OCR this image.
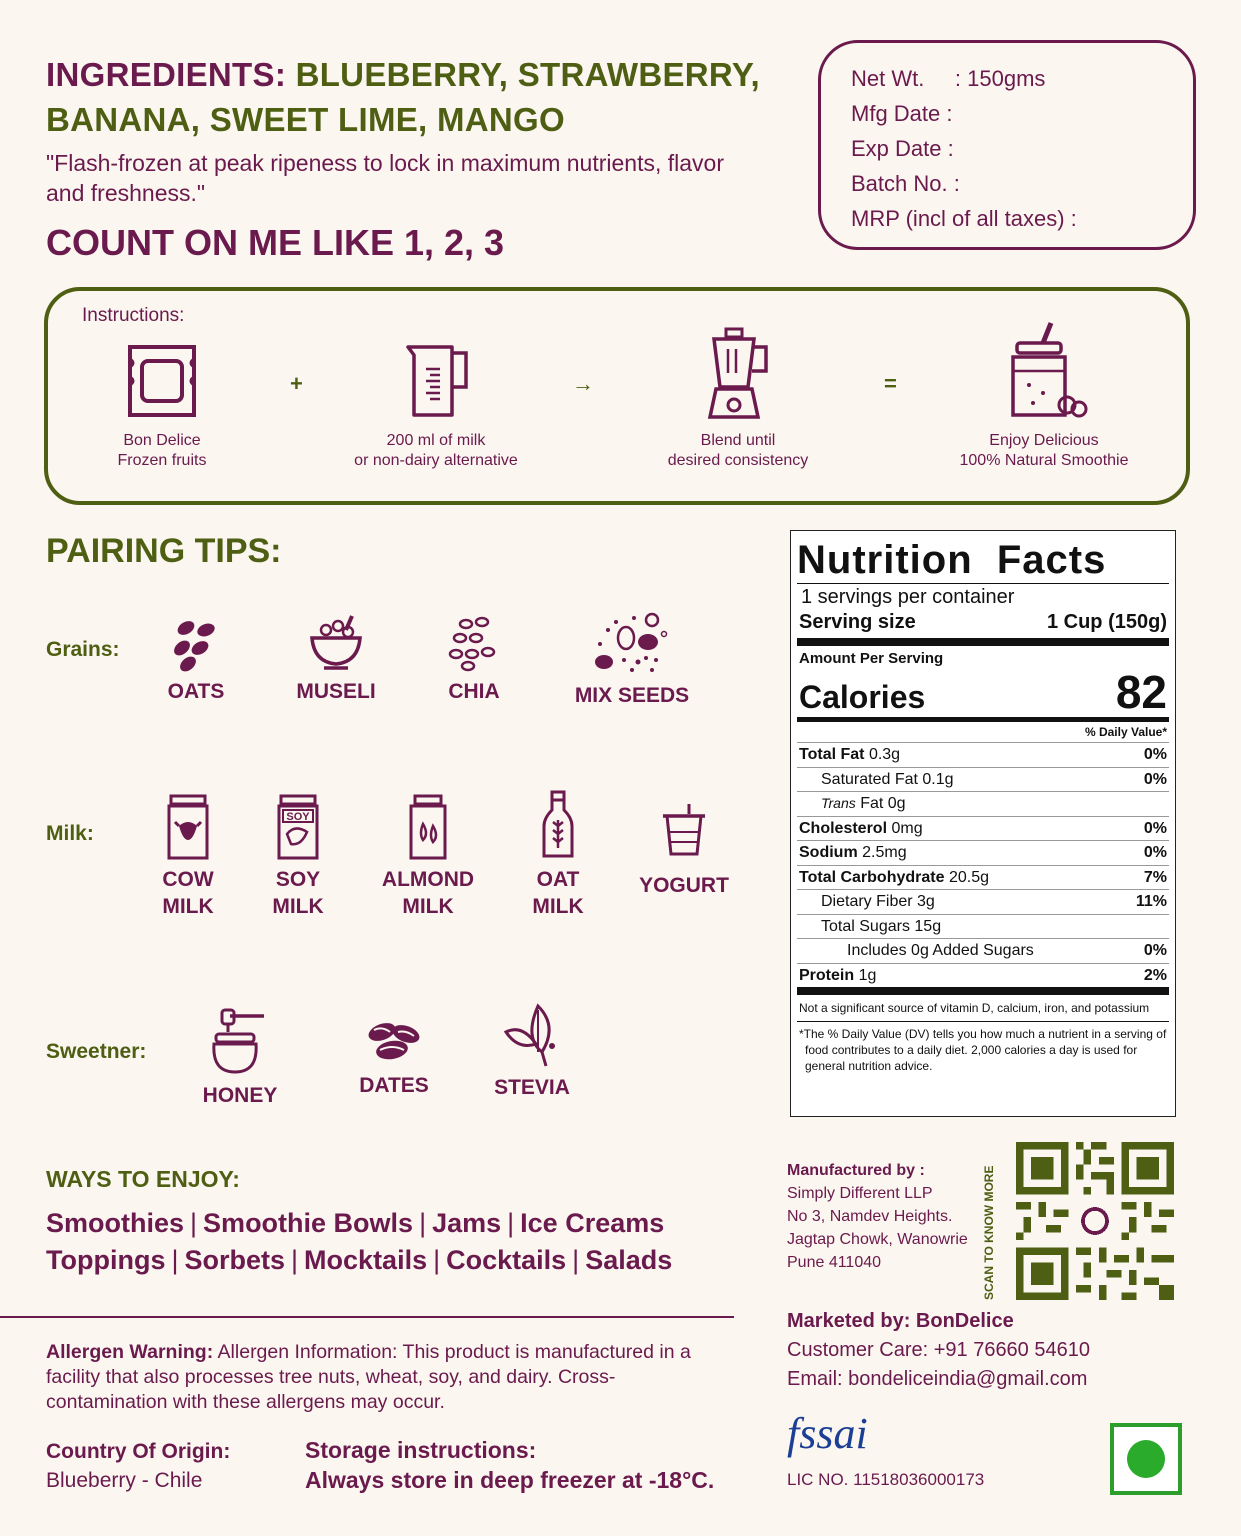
INGREDIENTS: BLUEBERRY, STRAWBERRY, BANANA, SWEET LIME, MANGO
"Flash-frozen at peak ripeness to lock in maximum nutrients, flavor and freshness."
COUNT ON ME LIKE 1, 2, 3
Net Wt.     : 150gms
Mfg Date :
Exp Date :
Batch No. :
MRP (incl of all taxes) :
Instructions:
Bon Delice
Frozen fruits
+
200 ml of milk
or non-dairy alternative
→
Blend until
desired consistency
=
Enjoy Delicious
100% Natural Smoothie
PAIRING TIPS:
Grains:
OATS	MUSELI	CHIA	MIX SEEDS
Milk:
COW
MILK
SOY
SOY
MILK
ALMOND
MILK
OAT
MILK
YOGURT
Sweetner:
HONEY	DATES	STEVIA
WAYS TO ENJOY:
Smoothies | Smoothie Bowls | Jams | Ice Creams
Toppings | Sorbets | Mocktails | Cocktails | Salads
Allergen Warning: Allergen Information: This product is manufactured in a facility that also processes tree nuts, wheat, soy, and dairy. Cross-contamination with these allergens may occur.
Country Of Origin:
Blueberry - Chile
Storage instructions:
Always store in deep freezer at -18°C.
Nutrition  Facts
1 servings per container
Serving size	1 Cup (150g)
Amount Per Serving
Calories	82
% Daily Value*
Total Fat 0.3g	0%
Saturated Fat 0.1g	0%
Trans Fat 0g
Cholesterol 0mg	0%
Sodium 2.5mg	0%
Total Carbohydrate 20.5g	7%
Dietary Fiber 3g	11%
Total Sugars 15g
Includes 0g Added Sugars	0%
Protein 1g	2%
Not a significant source of vitamin D, calcium, iron, and potassium
*The % Daily Value (DV) tells you how much a nutrient in a serving of food contributes to a daily diet. 2,000 calories a day is used for general nutrition advice.
Manufactured by :
Simply Different LLP
No 3, Namdev Heights.
Jagtap Chowk, Wanowrie
Pune 411040	SCAN TO KNOW MORE
Marketed by: BonDelice
Customer Care: +91 76660 54610
Email: bondeliceindia@gmail.com
fssai
LIC NO. 11518036000173
